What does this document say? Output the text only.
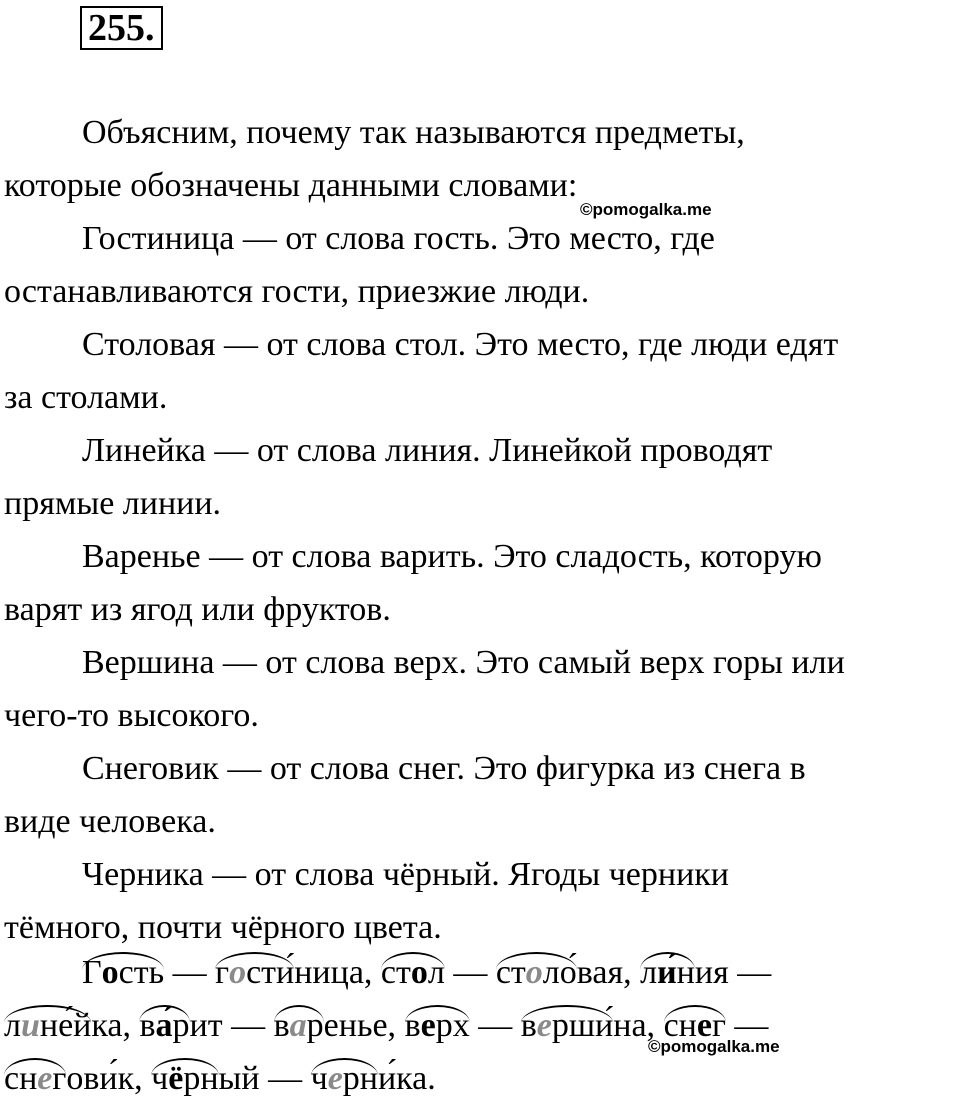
255.
©pomogalka.me
©pomogalka.me

Объясним, почему так называются предметы,

которые обозначены данными словами:

Гостиница — от слова гость. Это место, где

останавливаются гости, приезжие люди.

Столовая — от слова стол. Это место, где люди едят

за столами.

Линейка — от слова линия. Линейкой проводят

прямые линии.

Варенье — от слова варить. Это сладость, которую

варят из ягод или фруктов.

Вершина — от слова верх. Это самый верх горы или

чего-то высокого.

Снеговик — от слова снег. Это фигурка из снега в

виде человека.

Черника — от слова чёрный. Ягоды черники

тёмного, почти чёрного цвета.
Гость — гости́ница, стол — столо́вая, ли́ния —
лине́йка, ва́рит — варенье, верх — верши́на, снег —
снегови́к, чёрный — черни́ка.
